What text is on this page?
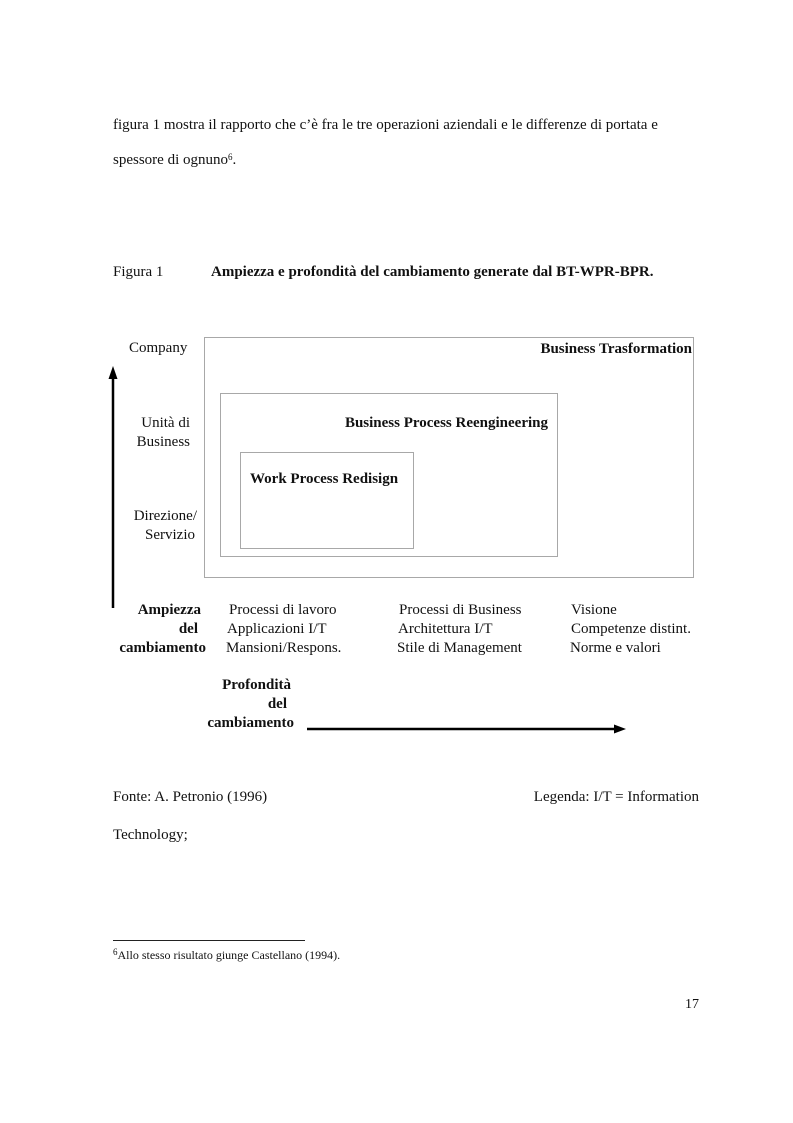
figura 1 mostra il rapporto che c’è fra le tre operazioni aziendali e le differenze di portata e
spessore di ognuno$^6$.
Figura 1	Ampiezza e profondità del cambiamento generate dal BT-WPR-BPR.
Company
Unità di
Business
Direzione/
Servizio
Business Trasformation
Business Process Reengineering
Work Process Redisign
Ampiezza
del
cambiamento
Processi di lavoro
Applicazioni I/T
Mansioni/Respons.
Processi di Business
Architettura I/T
Stile di Management
Visione
Competenze distint.
Norme e valori
Profondità
del
cambiamento
Fonte: A. Petronio (1996)	Legenda: I/T = Information
Technology;
$^6$Allo stesso risultato giunge Castellano (1994).
17
